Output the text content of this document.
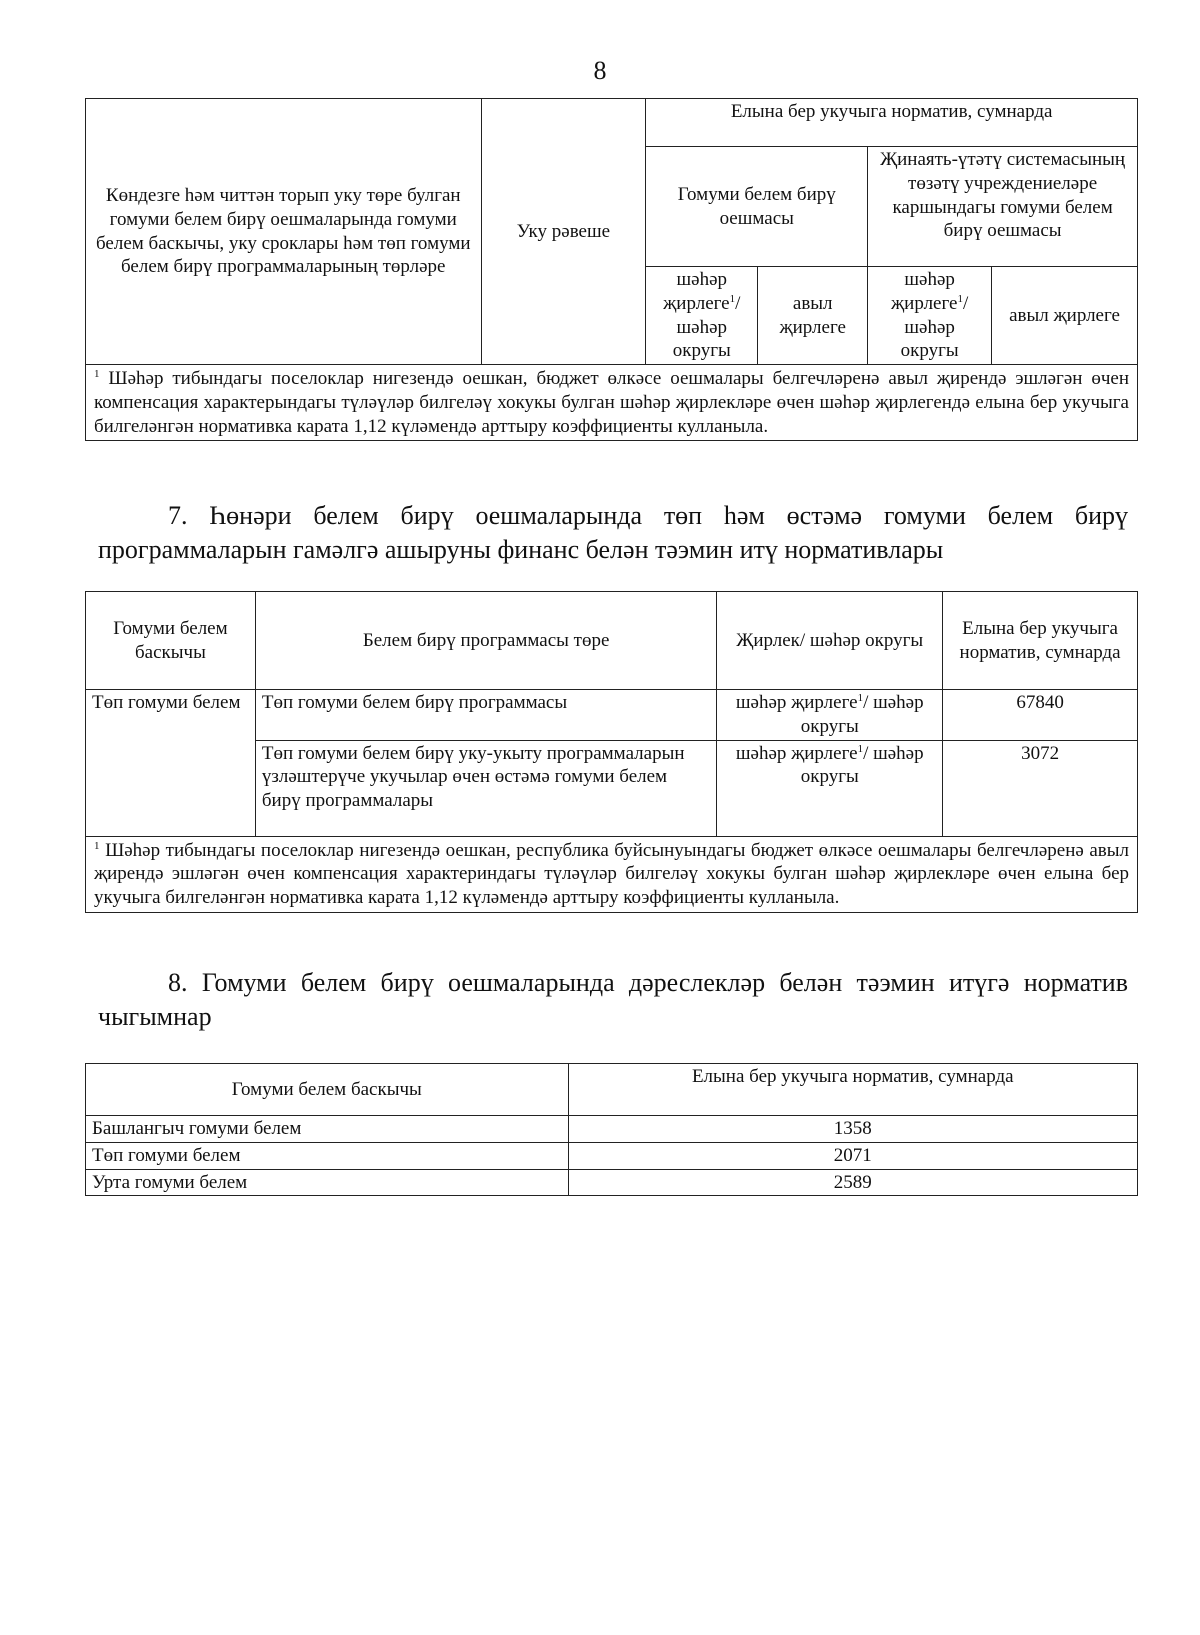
8
Көндезге һәм читтән торып уку төре булган гомуми белем бирү оешмаларында гомуми белем баскычы, уку сроклары һәм төп гомуми белем бирү программаларының төрләре	Уку рәвеше	Елына бер укучыга норматив, сумнарда			
		Гомуми белем бирү оешмасы		Җинаять-үтәтү системасының төзәтү учреждениеләре каршындагы гомуми белем бирү оешмасы	
		шәһәр җирлеге$^1$/ шәһәр округы	авыл җирлеге	шәһәр җирлеге$^1$/ шәһәр округы	авыл җирлеге
$^1$ Шәһәр тибындагы поселоклар нигезендә оешкан, бюджет өлкәсе оешмалары белгечләренә авыл җирендә эшләгән өчен компенсация характерындагы түләүләр билгеләү хокукы булган шәһәр җирлекләре өчен шәһәр җирлегендә елына бер укучыга билгеләнгән нормативка карата 1,12 күләмендә арттыру коэффициенты кулланыла.					
7. Һөнәри белем бирү оешмаларында төп һәм өстәмә гомуми белем бирү программаларын гамәлгә ашыруны финанс белән тәэмин итү нормативлары
Гомуми белем баскычы	Белем бирү программасы төре	Җирлек/ шәһәр округы	Елына бер укучыга норматив, сумнарда
Төп гомуми белем	Төп гомуми белем бирү программасы	шәһәр җирлеге$^1$/ шәһәр округы	67840
	Төп гомуми белем бирү уку-укыту программаларын үзләштерүче укучылар өчен өстәмә гомуми белем бирү программалары	шәһәр җирлеге$^1$/ шәһәр округы	3072
$^1$ Шәһәр тибындагы поселоклар нигезендә оешкан, республика буйсынуындагы бюджет өлкәсе оешмалары белгечләренә авыл җирендә эшләгән өчен компенсация характериндагы түләүләр билгеләү хокукы булган шәһәр җирлекләре өчен елына бер укучыга билгеләнгән нормативка карата 1,12 күләмендә арттыру коэффициенты кулланыла.			
8. Гомуми белем бирү оешмаларында дәреслекләр белән тәэмин итүгә норматив чыгымнар
Гомуми белем баскычы	Елына бер укучыга норматив, сумнарда
Башлангыч гомуми белем	1358
Төп гомуми белем	2071
Урта гомуми белем	2589
